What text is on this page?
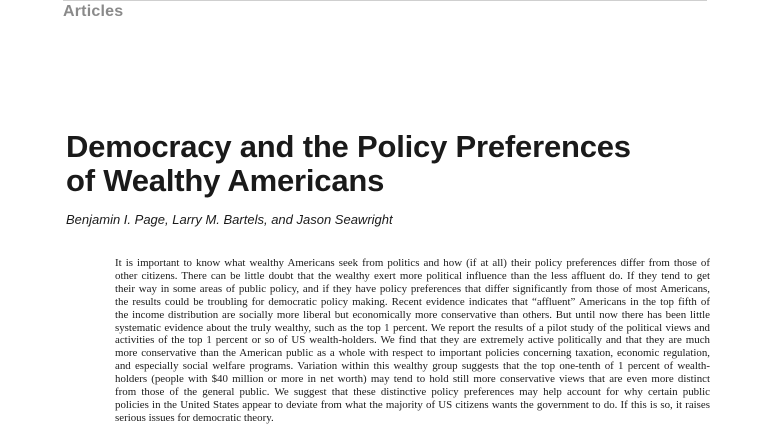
Articles
Democracy and the Policy Preferences
of Wealthy Americans

Benjamin I. Page, Larry M. Bartels, and Jason Seawright

It is important to know what wealthy Americans seek from politics and how (if at all) their policy preferences differ from those of
other citizens. There can be little doubt that the wealthy exert more political influence than the less affluent do. If they tend to get
their way in some areas of public policy, and if they have policy preferences that differ significantly from those of most Americans,
the results could be troubling for democratic policy making. Recent evidence indicates that “affluent” Americans in the top fifth of
the income distribution are socially more liberal but economically more conservative than others. But until now there has been little
systematic evidence about the truly wealthy, such as the top 1 percent. We report the results of a pilot study of the political views and
activities of the top 1 percent or so of US wealth-holders. We find that they are extremely active politically and that they are much
more conservative than the American public as a whole with respect to important policies concerning taxation, economic regulation,
and especially social welfare programs. Variation within this wealthy group suggests that the top one-tenth of 1 percent of wealth-
holders (people with $40 million or more in net worth) may tend to hold still more conservative views that are even more distinct
from those of the general public. We suggest that these distinctive policy preferences may help account for why certain public
policies in the United States appear to deviate from what the majority of US citizens wants the government to do. If this is so, it raises
serious issues for democratic theory.
